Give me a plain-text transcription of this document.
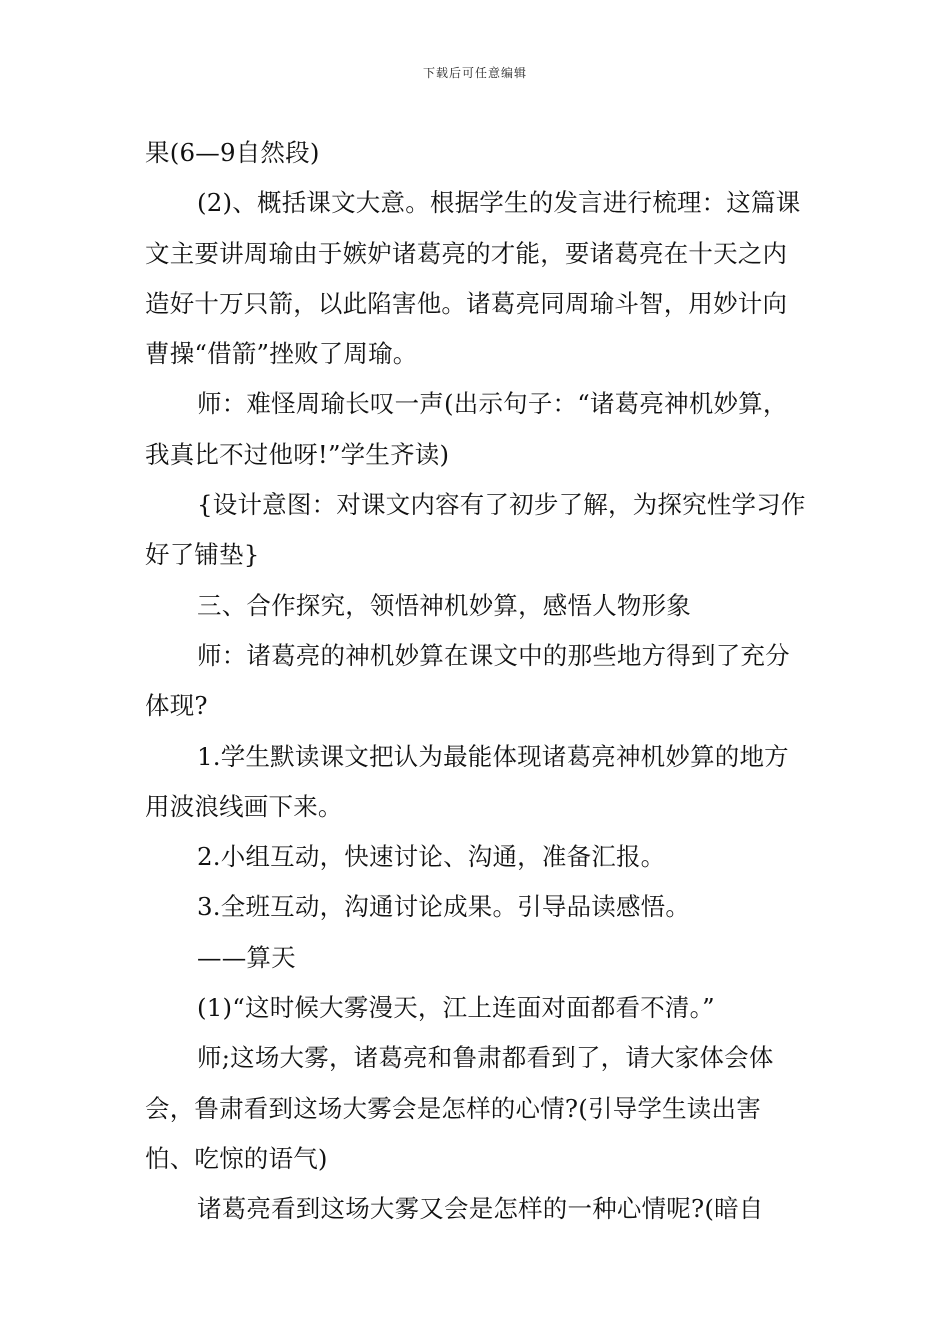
下载后可任意编辑

果(6—9自然段)

(2)、概括课文大意。根据学生的发言进行梳理：这篇课文主要讲周瑜由于嫉妒诸葛亮的才能，要诸葛亮在十天之内造好十万只箭，以此陷害他。诸葛亮同周瑜斗智，用妙计向曹操“借箭”挫败了周瑜。

师：难怪周瑜长叹一声(出示句子：“诸葛亮神机妙算，我真比不过他呀!”学生齐读)

{设计意图：对课文内容有了初步了解，为探究性学习作好了铺垫}

三、合作探究，领悟神机妙算，感悟人物形象

师：诸葛亮的神机妙算在课文中的那些地方得到了充分体现?

1.学生默读课文把认为最能体现诸葛亮神机妙算的地方用波浪线画下来。

2.小组互动，快速讨论、沟通，准备汇报。

3.全班互动，沟通讨论成果。引导品读感悟。

——算天

(1)“这时候大雾漫天，江上连面对面都看不清。”

师;这场大雾，诸葛亮和鲁肃都看到了，请大家体会体会，鲁肃看到这场大雾会是怎样的心情?(引导学生读出害怕、吃惊的语气)

诸葛亮看到这场大雾又会是怎样的一种心情呢?(暗自
